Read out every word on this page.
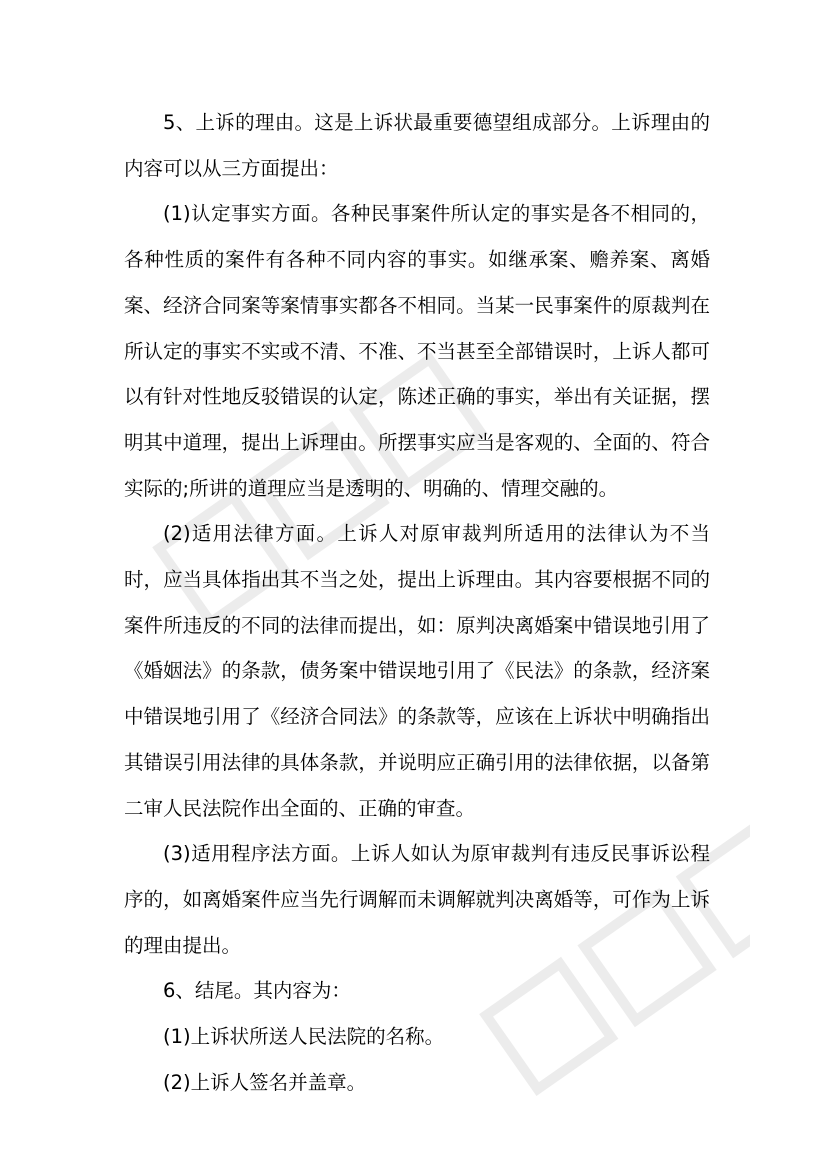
5、上诉的理由。这是上诉状最重要德望组成部分。上诉理由的内容可以从三方面提出：

(1)认定事实方面。各种民事案件所认定的事实是各不相同的，各种性质的案件有各种不同内容的事实。如继承案、赡养案、离婚案、经济合同案等案情事实都各不相同。当某一民事案件的原裁判在所认定的事实不实或不清、不准、不当甚至全部错误时，上诉人都可以有针对性地反驳错误的认定，陈述正确的事实，举出有关证据，摆明其中道理，提出上诉理由。所摆事实应当是客观的、全面的、符合实际的;所讲的道理应当是透明的、明确的、情理交融的。

(2)适用法律方面。上诉人对原审裁判所适用的法律认为不当时，应当具体指出其不当之处，提出上诉理由。其内容要根据不同的案件所违反的不同的法律而提出，如：原判决离婚案中错误地引用了《婚姻法》的条款，债务案中错误地引用了《民法》的条款，经济案中错误地引用了《经济合同法》的条款等，应该在上诉状中明确指出其错误引用法律的具体条款，并说明应正确引用的法律依据，以备第二审人民法院作出全面的、正确的审查。

(3)适用程序法方面。上诉人如认为原审裁判有违反民事诉讼程序的，如离婚案件应当先行调解而未调解就判决离婚等，可作为上诉的理由提出。

6、结尾。其内容为：

(1)上诉状所送人民法院的名称。

(2)上诉人签名并盖章。
